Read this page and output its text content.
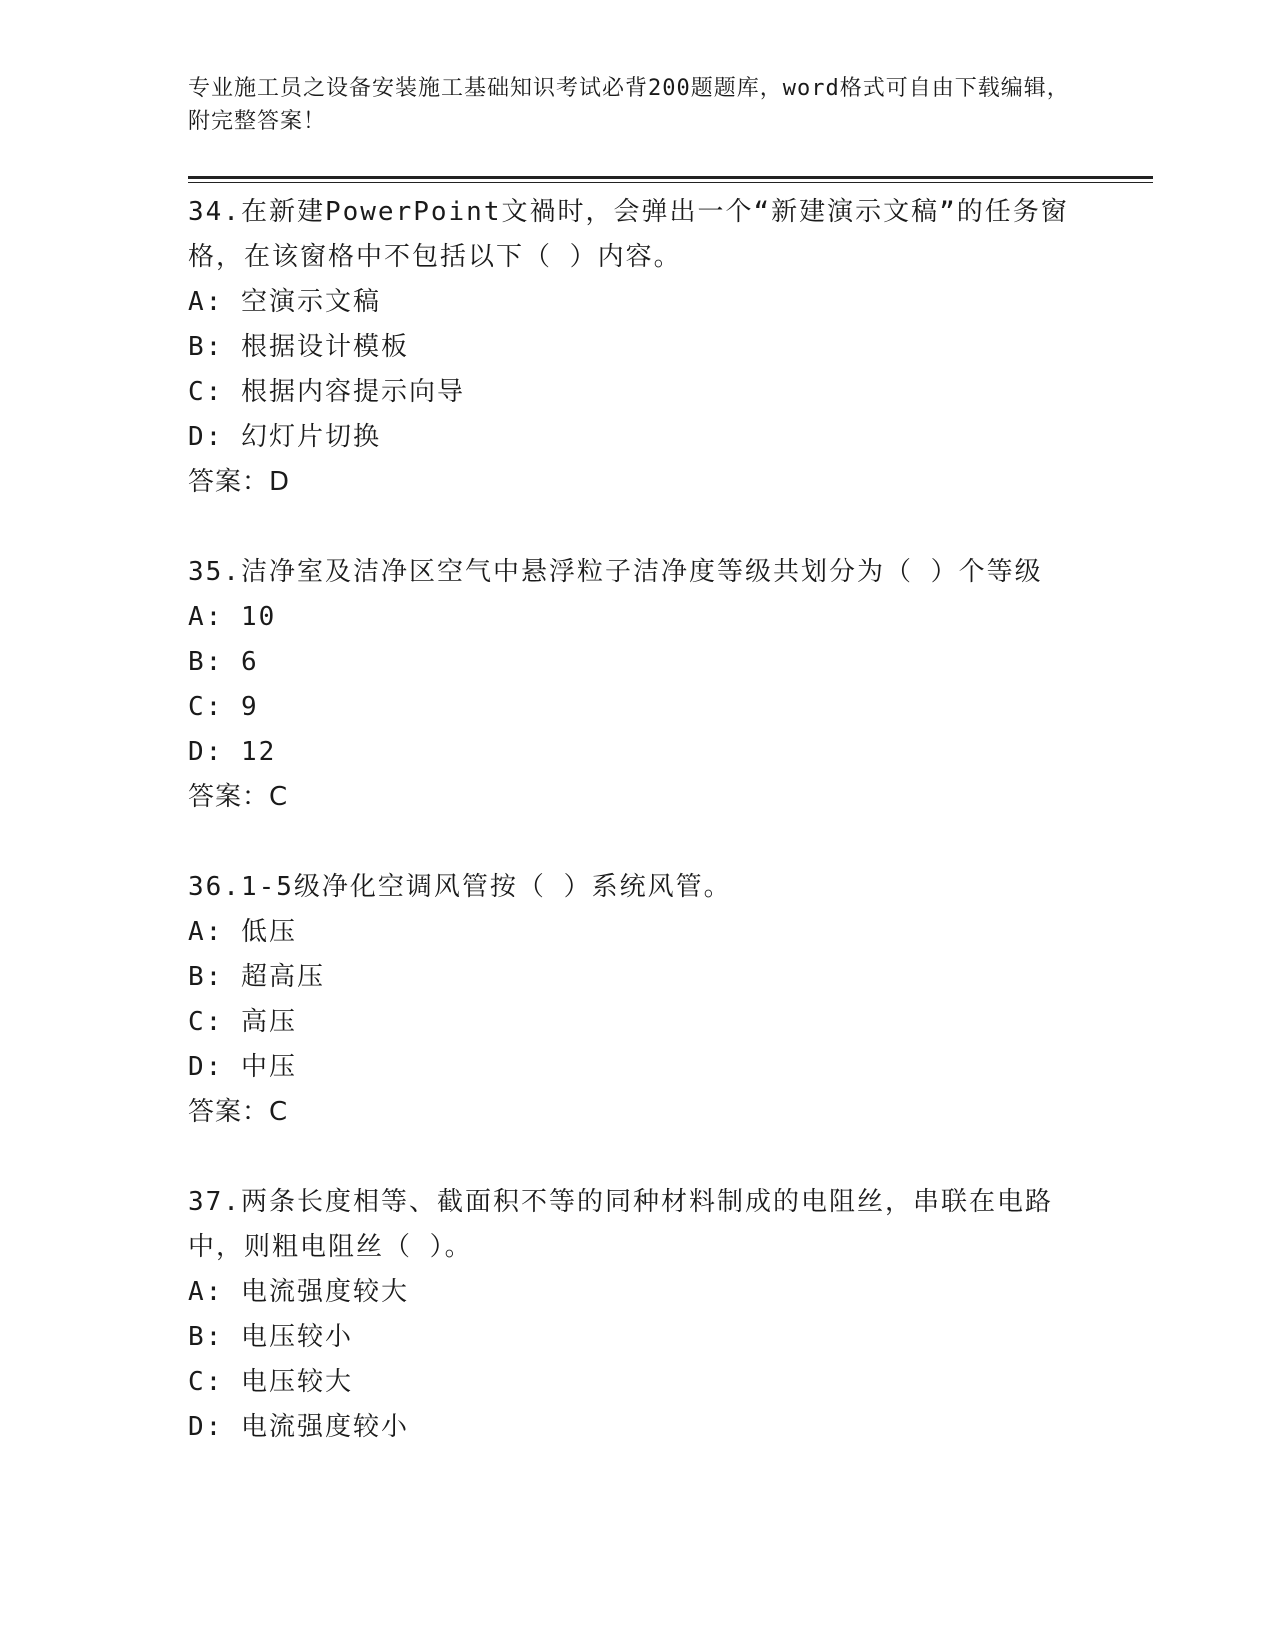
专业施工员之设备安装施工基础知识考试必背200题题库，word格式可自由下载编辑，附完整答案！
34.在新建PowerPoint文禍时，会弹出一个“新建演示文稿”的任务窗格，在该窗格中不包括以下（ ）内容。
A: 空演示文稿
B: 根据设计模板
C: 根据内容提示向导
D: 幻灯片切换
答案：D
35.洁净室及洁净区空气中悬浮粒子洁净度等级共划分为（ ）个等级
A: 10
B: 6
C: 9
D: 12
答案：C
36.1-5级净化空调风管按（ ）系统风管。
A: 低压
B: 超高压
C: 高压
D: 中压
答案：C
37.两条长度相等、截面积不等的同种材料制成的电阻丝，串联在电路中，则粗电阻丝（ ）。
A: 电流强度较大
B: 电压较小
C: 电压较大
D: 电流强度较小
